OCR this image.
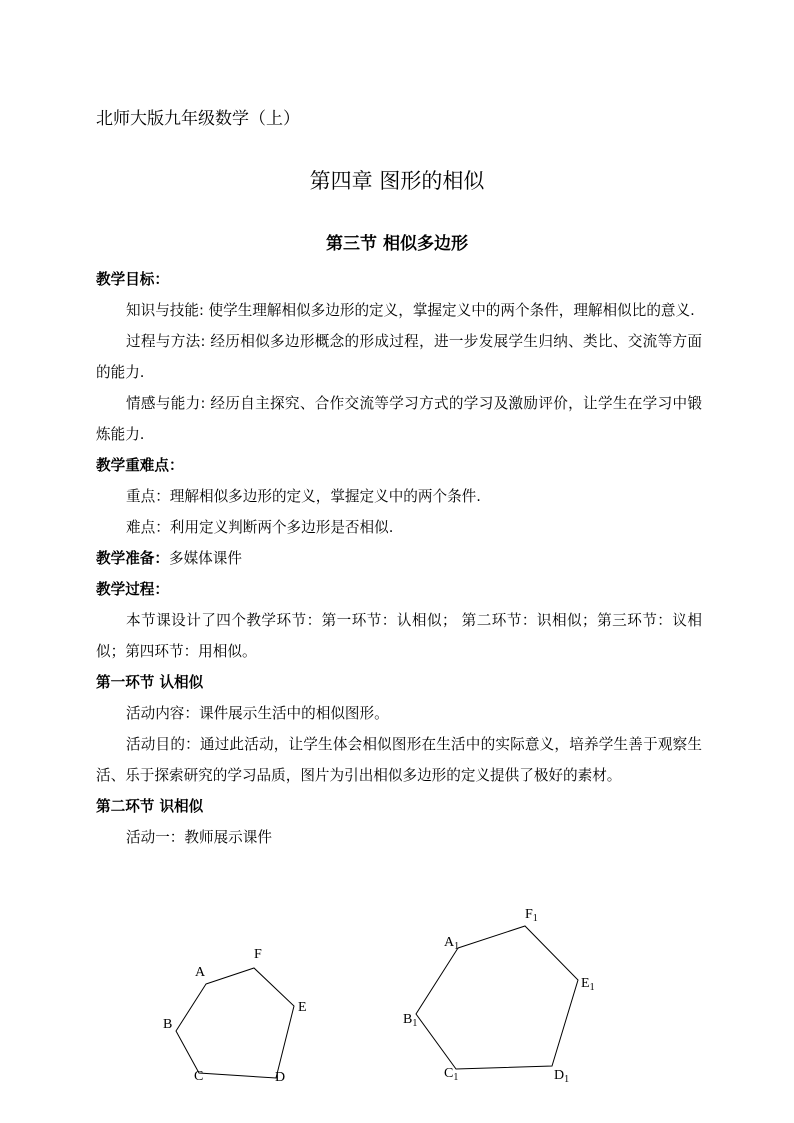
北师大版九年级数学（上）
第四章 图形的相似
第三节 相似多边形

教学目标：

知识与技能: 使学生理解相似多边形的定义，掌握定义中的两个条件，理解相似比的意义.

过程与方法: 经历相似多边形概念的形成过程，进一步发展学生归纳、类比、交流等方面的能力.

情感与能力: 经历自主探究、合作交流等学习方式的学习及激励评价，让学生在学习中锻炼能力.

教学重难点：

重点：理解相似多边形的定义，掌握定义中的两个条件.

难点：利用定义判断两个多边形是否相似.

教学准备：多媒体课件

教学过程：

本节课设计了四个教学环节：第一环节：认相似； 第二环节：识相似；第三环节：议相似；第四环节：用相似。

第一环节 认相似

活动内容：课件展示生活中的相似图形。

活动目的：通过此活动，让学生体会相似图形在生活中的实际意义，培养学生善于观察生活、乐于探索研究的学习品质，图片为引出相似多边形的定义提供了极好的素材。

第二环节 识相似

活动一：教师展示课件

A
F
E
B
C	D
$A_1$
$F_1$
$E_1$
$B_1$
$C_1$	$D_1$
